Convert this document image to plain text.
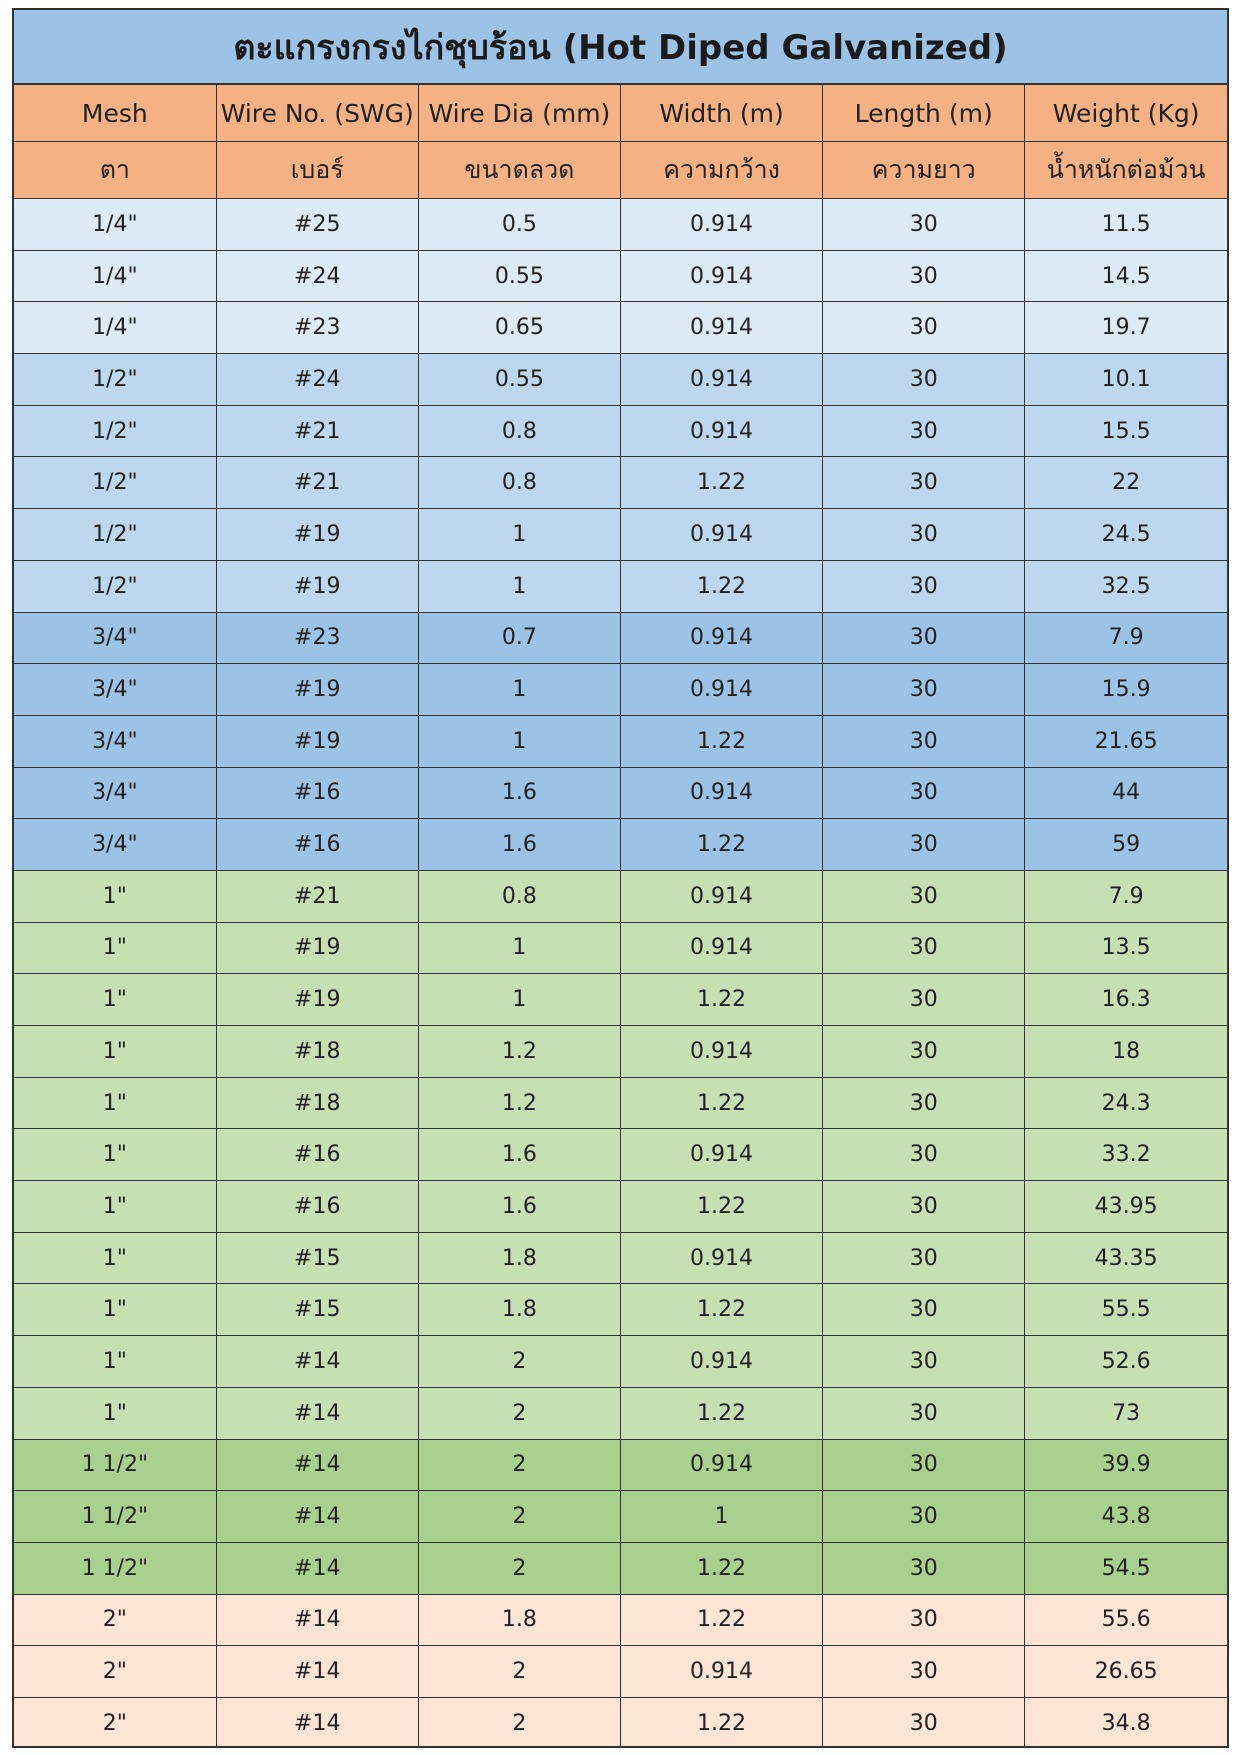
ตะแกรงกรงไก่ชุบร้อน (Hot Diped Galvanized)
Mesh	Wire No. (SWG)	Wire Dia (mm)	Width (m)	Length (m)	Weight (Kg)
ตา	เบอร์	ขนาดลวด	ความกว้าง	ความยาว	น้ำหนักต่อม้วน
1/4"	#25	0.5	0.914	30	11.5
1/4"	#24	0.55	0.914	30	14.5
1/4"	#23	0.65	0.914	30	19.7
1/2"	#24	0.55	0.914	30	10.1
1/2"	#21	0.8	0.914	30	15.5
1/2"	#21	0.8	1.22	30	22
1/2"	#19	1	0.914	30	24.5
1/2"	#19	1	1.22	30	32.5
3/4"	#23	0.7	0.914	30	7.9
3/4"	#19	1	0.914	30	15.9
3/4"	#19	1	1.22	30	21.65
3/4"	#16	1.6	0.914	30	44
3/4"	#16	1.6	1.22	30	59
1"	#21	0.8	0.914	30	7.9
1"	#19	1	0.914	30	13.5
1"	#19	1	1.22	30	16.3
1"	#18	1.2	0.914	30	18
1"	#18	1.2	1.22	30	24.3
1"	#16	1.6	0.914	30	33.2
1"	#16	1.6	1.22	30	43.95
1"	#15	1.8	0.914	30	43.35
1"	#15	1.8	1.22	30	55.5
1"	#14	2	0.914	30	52.6
1"	#14	2	1.22	30	73
1 1/2"	#14	2	0.914	30	39.9
1 1/2"	#14	2	1	30	43.8
1 1/2"	#14	2	1.22	30	54.5
2"	#14	1.8	1.22	30	55.6
2"	#14	2	0.914	30	26.65
2"	#14	2	1.22	30	34.8
